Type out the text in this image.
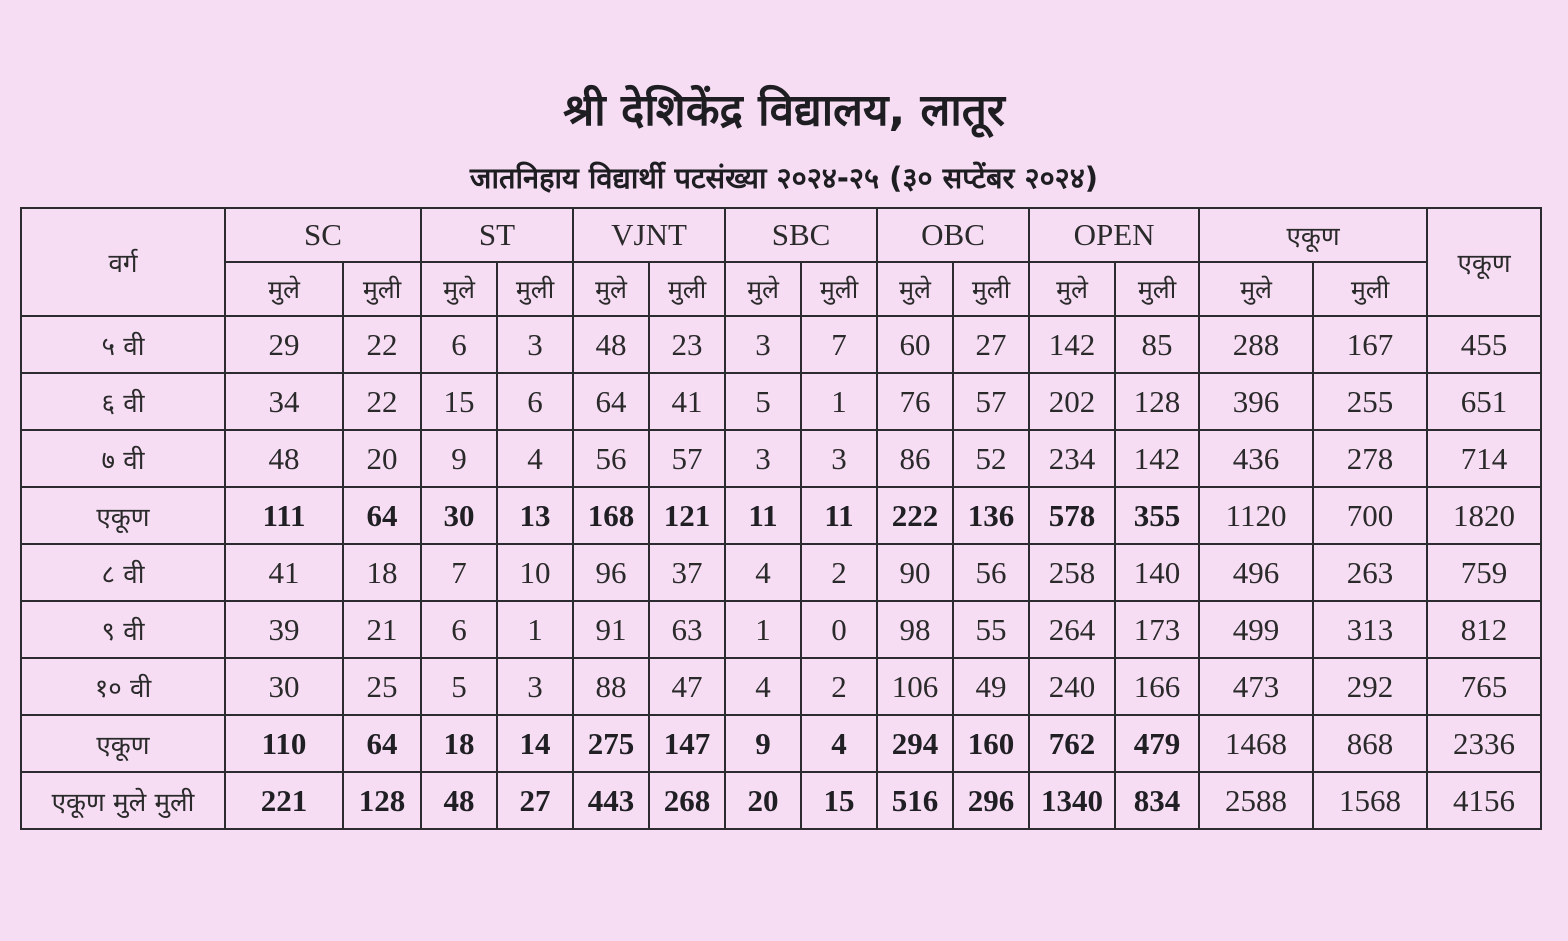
श्री देशिकेंद्र विद्यालय, लातूर
जातनिहाय विद्यार्थी पटसंख्या २०२४-२५ (३० सप्टेंबर २०२४)
वर्ग	SC		ST		VJNT		SBC		OBC		OPEN		एकूण		एकूण
	मुले	मुली	मुले	मुली	मुले	मुली	मुले	मुली	मुले	मुली	मुले	मुली	मुले	मुली	
५ वी	29	22	6	3	48	23	3	7	60	27	142	85	288	167	455
६ वी	34	22	15	6	64	41	5	1	76	57	202	128	396	255	651
७ वी	48	20	9	4	56	57	3	3	86	52	234	142	436	278	714
एकूण	111	64	30	13	168	121	11	11	222	136	578	355	1120	700	1820
८ वी	41	18	7	10	96	37	4	2	90	56	258	140	496	263	759
९ वी	39	21	6	1	91	63	1	0	98	55	264	173	499	313	812
१० वी	30	25	5	3	88	47	4	2	106	49	240	166	473	292	765
एकूण	110	64	18	14	275	147	9	4	294	160	762	479	1468	868	2336
एकूण मुले मुली	221	128	48	27	443	268	20	15	516	296	1340	834	2588	1568	4156
